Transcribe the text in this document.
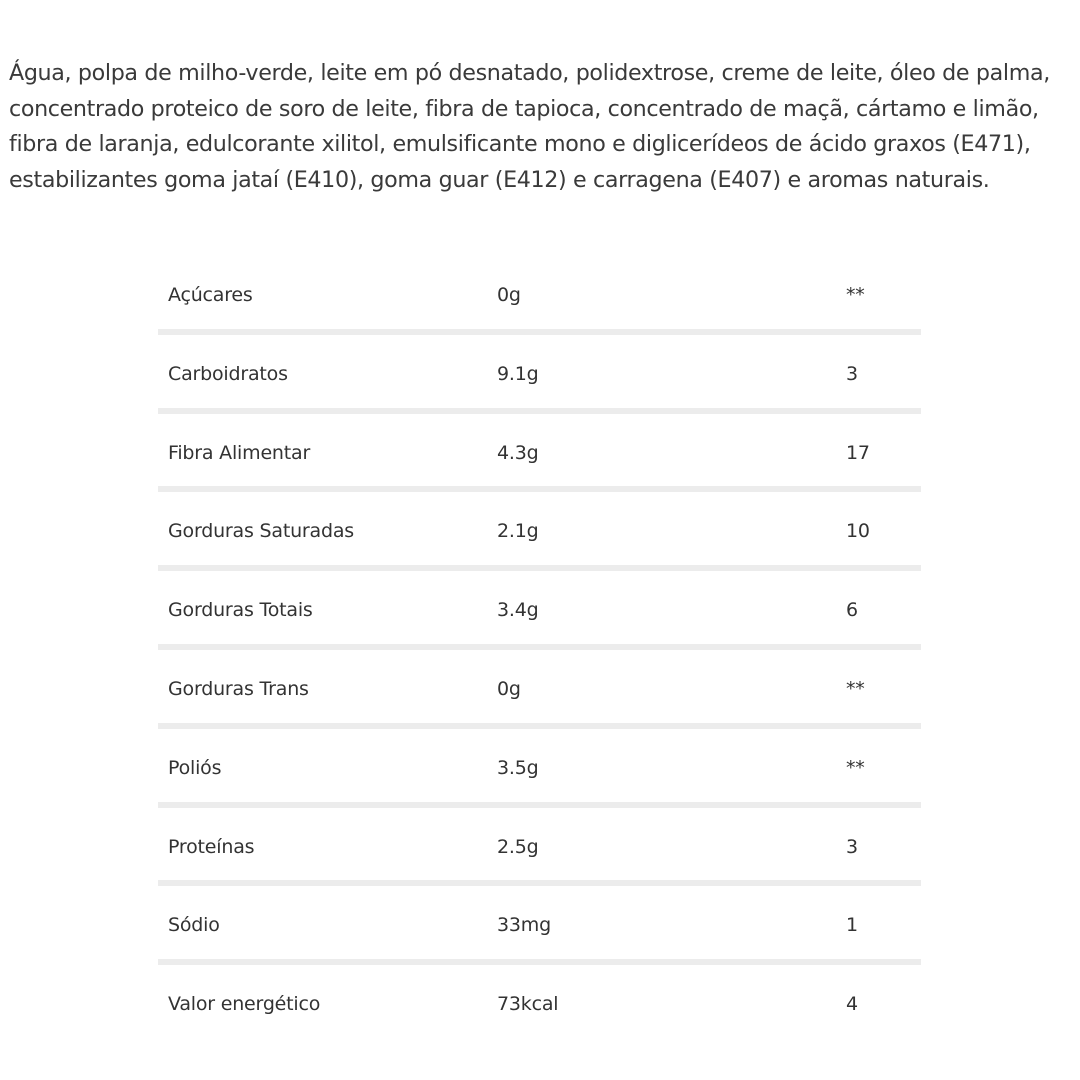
Água, polpa de milho-verde, leite em pó desnatado, polidextrose, creme de leite, óleo de palma, concentrado proteico de soro de leite, fibra de tapioca, concentrado de maçã, cártamo e limão, fibra de laranja, edulcorante xilitol, emulsificante mono e diglicerídeos de ácido graxos (E471), estabilizantes goma jataí (E410), goma guar (E412) e carragena (E407) e aromas naturais.

Açúcares	0g	**
Carboidratos	9.1g	3
Fibra Alimentar	4.3g	17
Gorduras Saturadas	2.1g	10
Gorduras Totais	3.4g	6
Gorduras Trans	0g	**
Poliós	3.5g	**
Proteínas	2.5g	3
Sódio	33mg	1
Valor energético	73kcal	4
